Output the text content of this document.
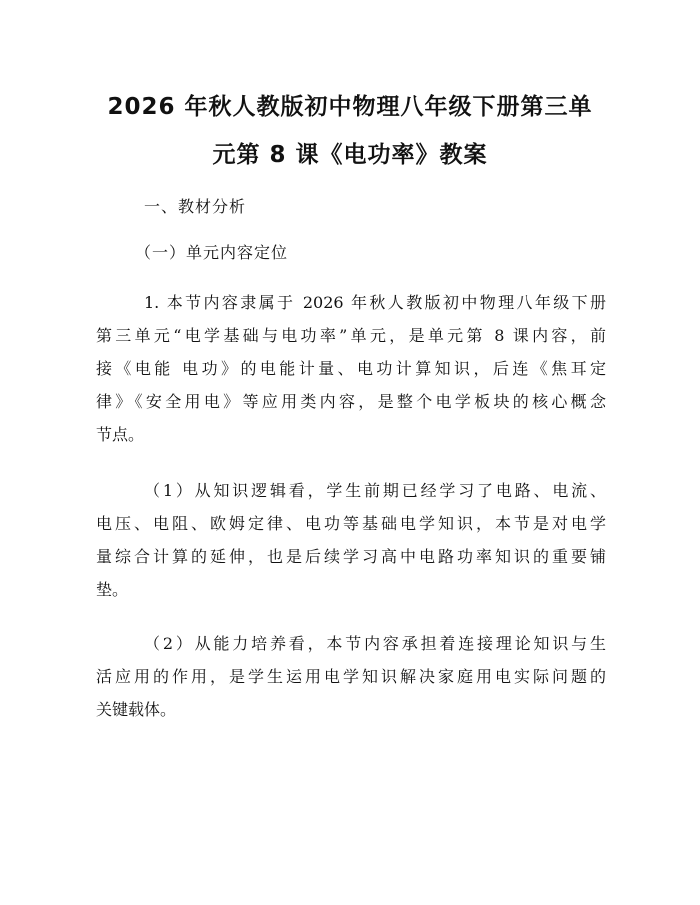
2026 年秋人教版初中物理八年级下册第三单
元第 8 课《电功率》教案
一、教材分析
（一）单元内容定位
1. 本节内容隶属于 2026 年秋人教版初中物理八年级下册
第三单元“电学基础与电功率”单元，是单元第 8 课内容，前
接《电能 电功》的电能计量、电功计算知识，后连《焦耳定
律》《安全用电》等应用类内容，是整个电学板块的核心概念
节点。
（1）从知识逻辑看，学生前期已经学习了电路、电流、
电压、电阻、欧姆定律、电功等基础电学知识，本节是对电学
量综合计算的延伸，也是后续学习高中电路功率知识的重要铺
垫。
（2）从能力培养看，本节内容承担着连接理论知识与生
活应用的作用，是学生运用电学知识解决家庭用电实际问题的
关键载体。
